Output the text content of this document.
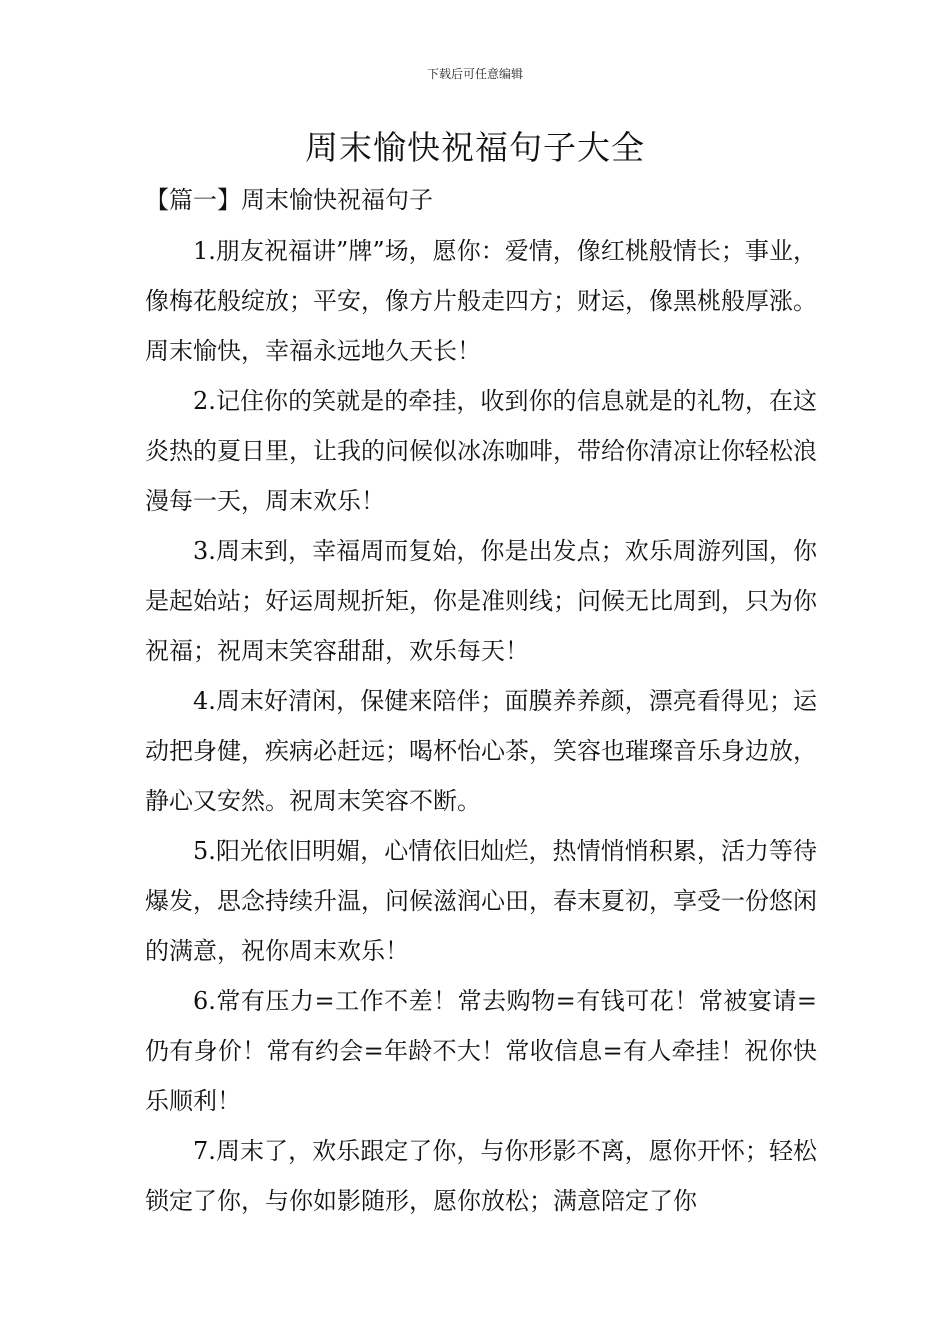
下载后可任意编辑
周末愉快祝福句子大全
【篇一】周末愉快祝福句子

1.朋友祝福讲”牌”场，愿你：爱情，像红桃般情长；事业，像梅花般绽放；平安，像方片般走四方；财运，像黑桃般厚涨。周末愉快，幸福永远地久天长！

2.记住你的笑就是的牵挂，收到你的信息就是的礼物，在这炎热的夏日里，让我的问候似冰冻咖啡，带给你清凉让你轻松浪漫每一天，周末欢乐！

3.周末到，幸福周而复始，你是出发点；欢乐周游列国，你是起始站；好运周规折矩，你是准则线；问候无比周到，只为你祝福；祝周末笑容甜甜，欢乐每天！

4.周末好清闲，保健来陪伴；面膜养养颜，漂亮看得见；运动把身健，疾病必赶远；喝杯怡心茶，笑容也璀璨音乐身边放，静心又安然。祝周末笑容不断。

5.阳光依旧明媚，心情依旧灿烂，热情悄悄积累，活力等待爆发，思念持续升温，问候滋润心田，春末夏初，享受一份悠闲的满意，祝你周末欢乐！

6.常有压力=工作不差！常去购物=有钱可花！常被宴请=仍有身价！常有约会=年龄不大！常收信息=有人牵挂！祝你快乐顺利！

7.周末了，欢乐跟定了你，与你形影不离，愿你开怀；轻松锁定了你，与你如影随形，愿你放松；满意陪定了你
